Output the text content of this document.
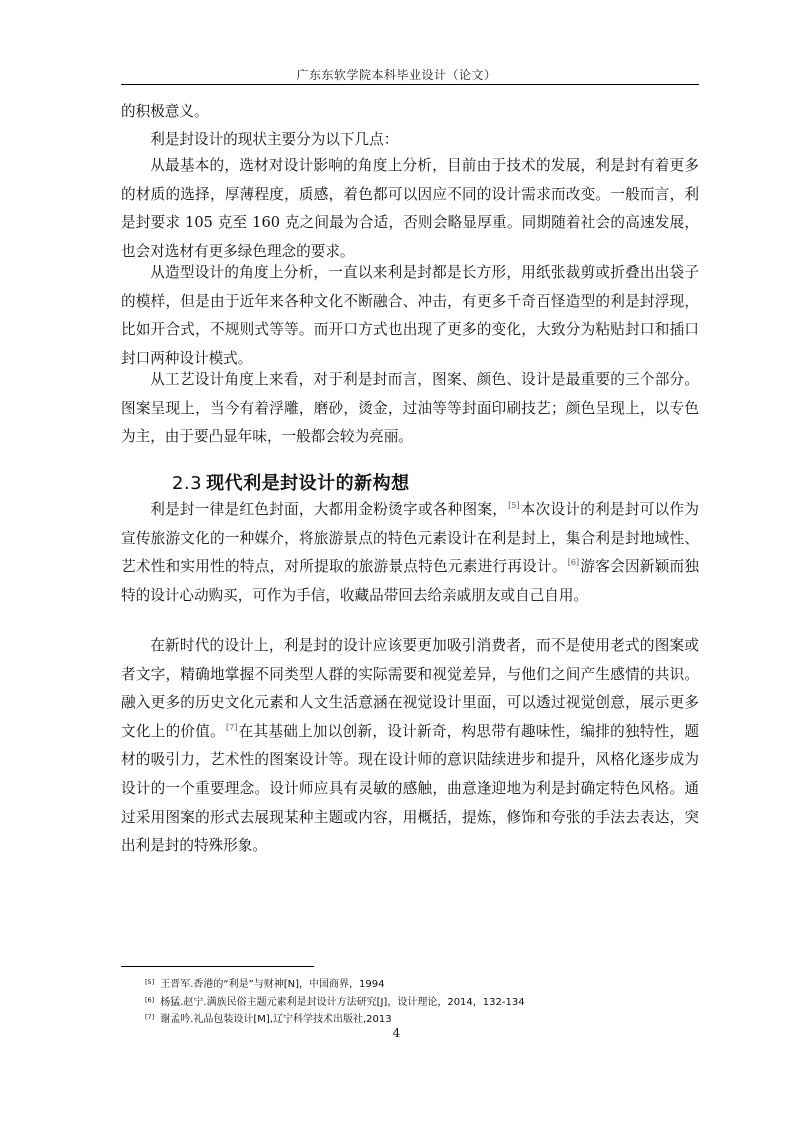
广东东软学院本科毕业设计（论文）

的积极意义。

利是封设计的现状主要分为以下几点：

从最基本的，选材对设计影响的角度上分析，目前由于技术的发展，利是封有着更多的材质的选择，厚薄程度，质感，着色都可以因应不同的设计需求而改变。一般而言，利是封要求 105 克至 160 克之间最为合适，否则会略显厚重。同期随着社会的高速发展，也会对选材有更多绿色理念的要求。

从造型设计的角度上分析，一直以来利是封都是长方形，用纸张裁剪或折叠出出袋子的模样，但是由于近年来各种文化不断融合、冲击，有更多千奇百怪造型的利是封浮现，比如开合式，不规则式等等。而开口方式也出现了更多的变化，大致分为粘贴封口和插口封口两种设计模式。

从工艺设计角度上来看，对于利是封而言，图案、颜色、设计是最重要的三个部分。图案呈现上，当今有着浮雕，磨砂，烫金，过油等等封面印刷技艺；颜色呈现上，以专色为主，由于要凸显年味，一般都会较为亮丽。

2.3 现代利是封设计的新构想

利是封一律是红色封面，大都用金粉烫字或各种图案，[5]本次设计的利是封可以作为宣传旅游文化的一种媒介，将旅游景点的特色元素设计在利是封上，集合利是封地域性、艺术性和实用性的特点，对所提取的旅游景点特色元素进行再设计。[6]游客会因新颖而独特的设计心动购买，可作为手信，收藏品带回去给亲戚朋友或自己自用。

在新时代的设计上，利是封的设计应该要更加吸引消费者，而不是使用老式的图案或者文字，精确地掌握不同类型人群的实际需要和视觉差异，与他们之间产生感情的共识。融入更多的历史文化元素和人文生活意涵在视觉设计里面，可以透过视觉创意，展示更多文化上的价值。[7]在其基础上加以创新，设计新奇，构思带有趣味性，编排的独特性，题材的吸引力，艺术性的图案设计等。现在设计师的意识陆续进步和提升，风格化逐步成为设计的一个重要理念。设计师应具有灵敏的感触，曲意逢迎地为利是封确定特色风格。通过采用图案的形式去展现某种主题或内容，用概括，提炼，修饰和夸张的手法去表达，突出利是封的特殊形象。

[5] 王晋军.香港的“利是”与财神[N]，中国商界，1994
[6] 杨猛.赵宁.满族民俗主题元素利是封设计方法研究[J]，设计理论，2014，132-134
[7] 谢孟吟.礼品包装设计[M],辽宁科学技术出版社,2013
4
